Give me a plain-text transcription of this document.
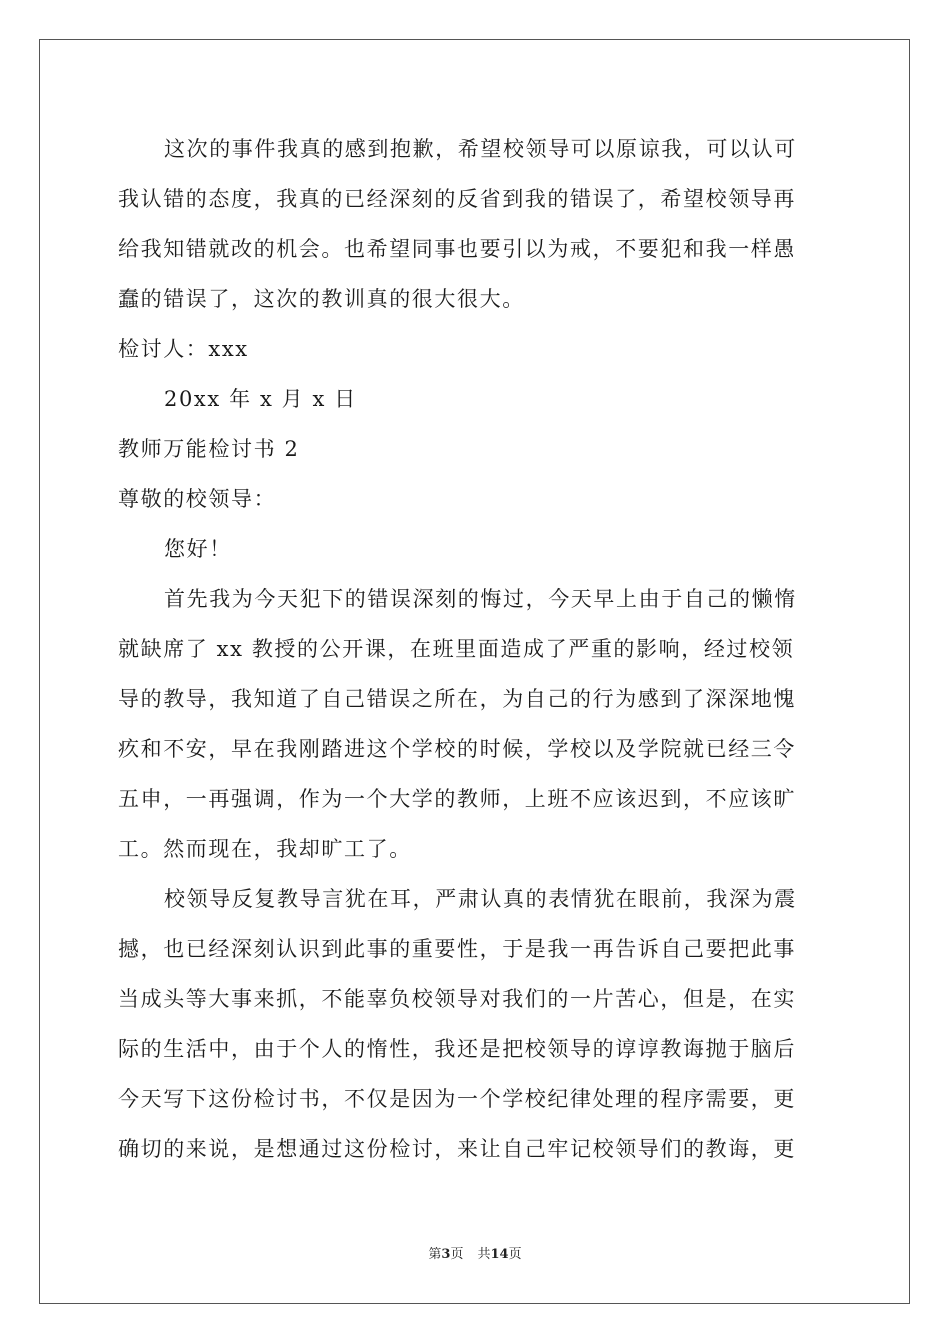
这次的事件我真的感到抱歉，希望校领导可以原谅我，可以认可
我认错的态度，我真的已经深刻的反省到我的错误了，希望校领导再
给我知错就改的机会。也希望同事也要引以为戒，不要犯和我一样愚
蠢的错误了，这次的教训真的很大很大。
检讨人：xxx
20xx 年 x 月 x 日
教师万能检讨书 2
尊敬的校领导：
您好！
首先我为今天犯下的错误深刻的悔过，今天早上由于自己的懒惰
就缺席了 xx 教授的公开课，在班里面造成了严重的影响，经过校领
导的教导，我知道了自己错误之所在，为自己的行为感到了深深地愧
疚和不安，早在我刚踏进这个学校的时候，学校以及学院就已经三令
五申，一再强调，作为一个大学的教师，上班不应该迟到，不应该旷
工。然而现在，我却旷工了。
校领导反复教导言犹在耳，严肃认真的表情犹在眼前，我深为震
撼，也已经深刻认识到此事的重要性，于是我一再告诉自己要把此事
当成头等大事来抓，不能辜负校领导对我们的一片苦心，但是，在实
际的生活中，由于个人的惰性，我还是把校领导的谆谆教诲抛于脑后
今天写下这份检讨书，不仅是因为一个学校纪律处理的程序需要，更
确切的来说，是想通过这份检讨，来让自己牢记校领导们的教诲，更
第3页 共14页
